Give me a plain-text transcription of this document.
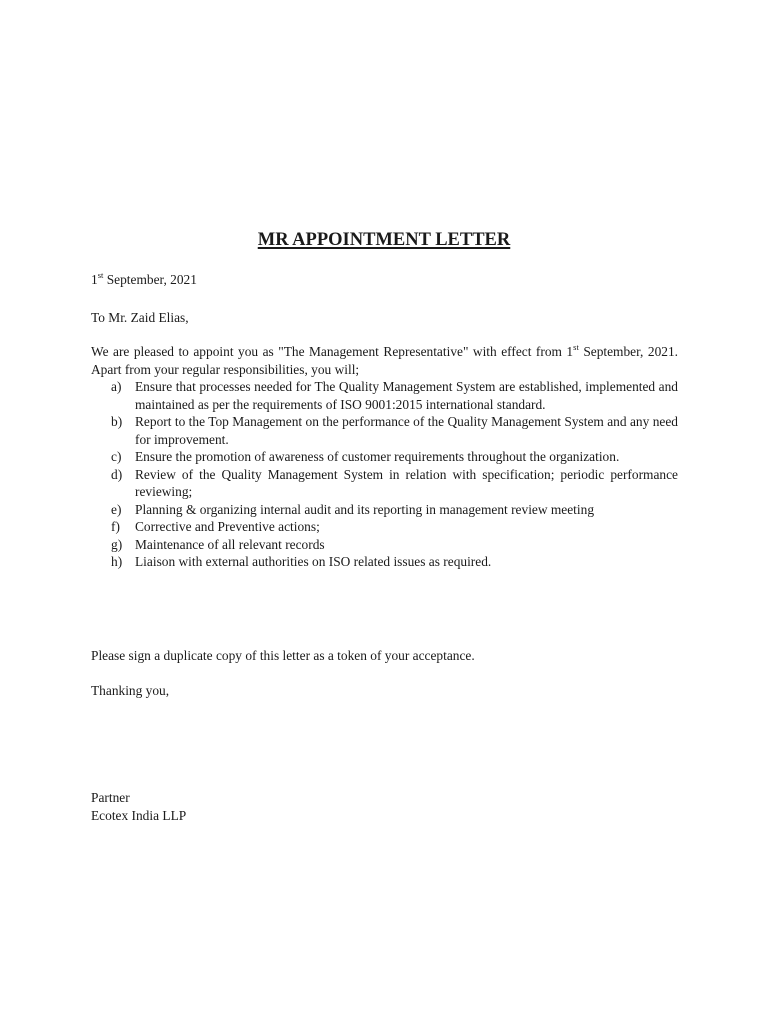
MR APPOINTMENT LETTER
1st September, 2021
To Mr. Zaid Elias,
We are pleased to appoint you as "The Management Representative" with effect from 1st September, 2021. Apart from your regular responsibilities, you will;
a)	Ensure that processes needed for The Quality Management System are established, implemented and maintained as per the requirements of ISO 9001:2015 international standard.
b) Report to the Top Management on the performance of the Quality Management System and any need for improvement.
c)	Ensure the promotion of awareness of customer requirements throughout the organization.
d) Review of the Quality Management System in relation with specification; periodic performance reviewing;
e)	Planning & organizing internal audit and its reporting in management review meeting
f)	Corrective and Preventive actions;
g) Maintenance of all relevant records
h) Liaison with external authorities on ISO related issues as required.
Please sign a duplicate copy of this letter as a token of your acceptance.
Thanking you,
Partner
Ecotex India LLP
